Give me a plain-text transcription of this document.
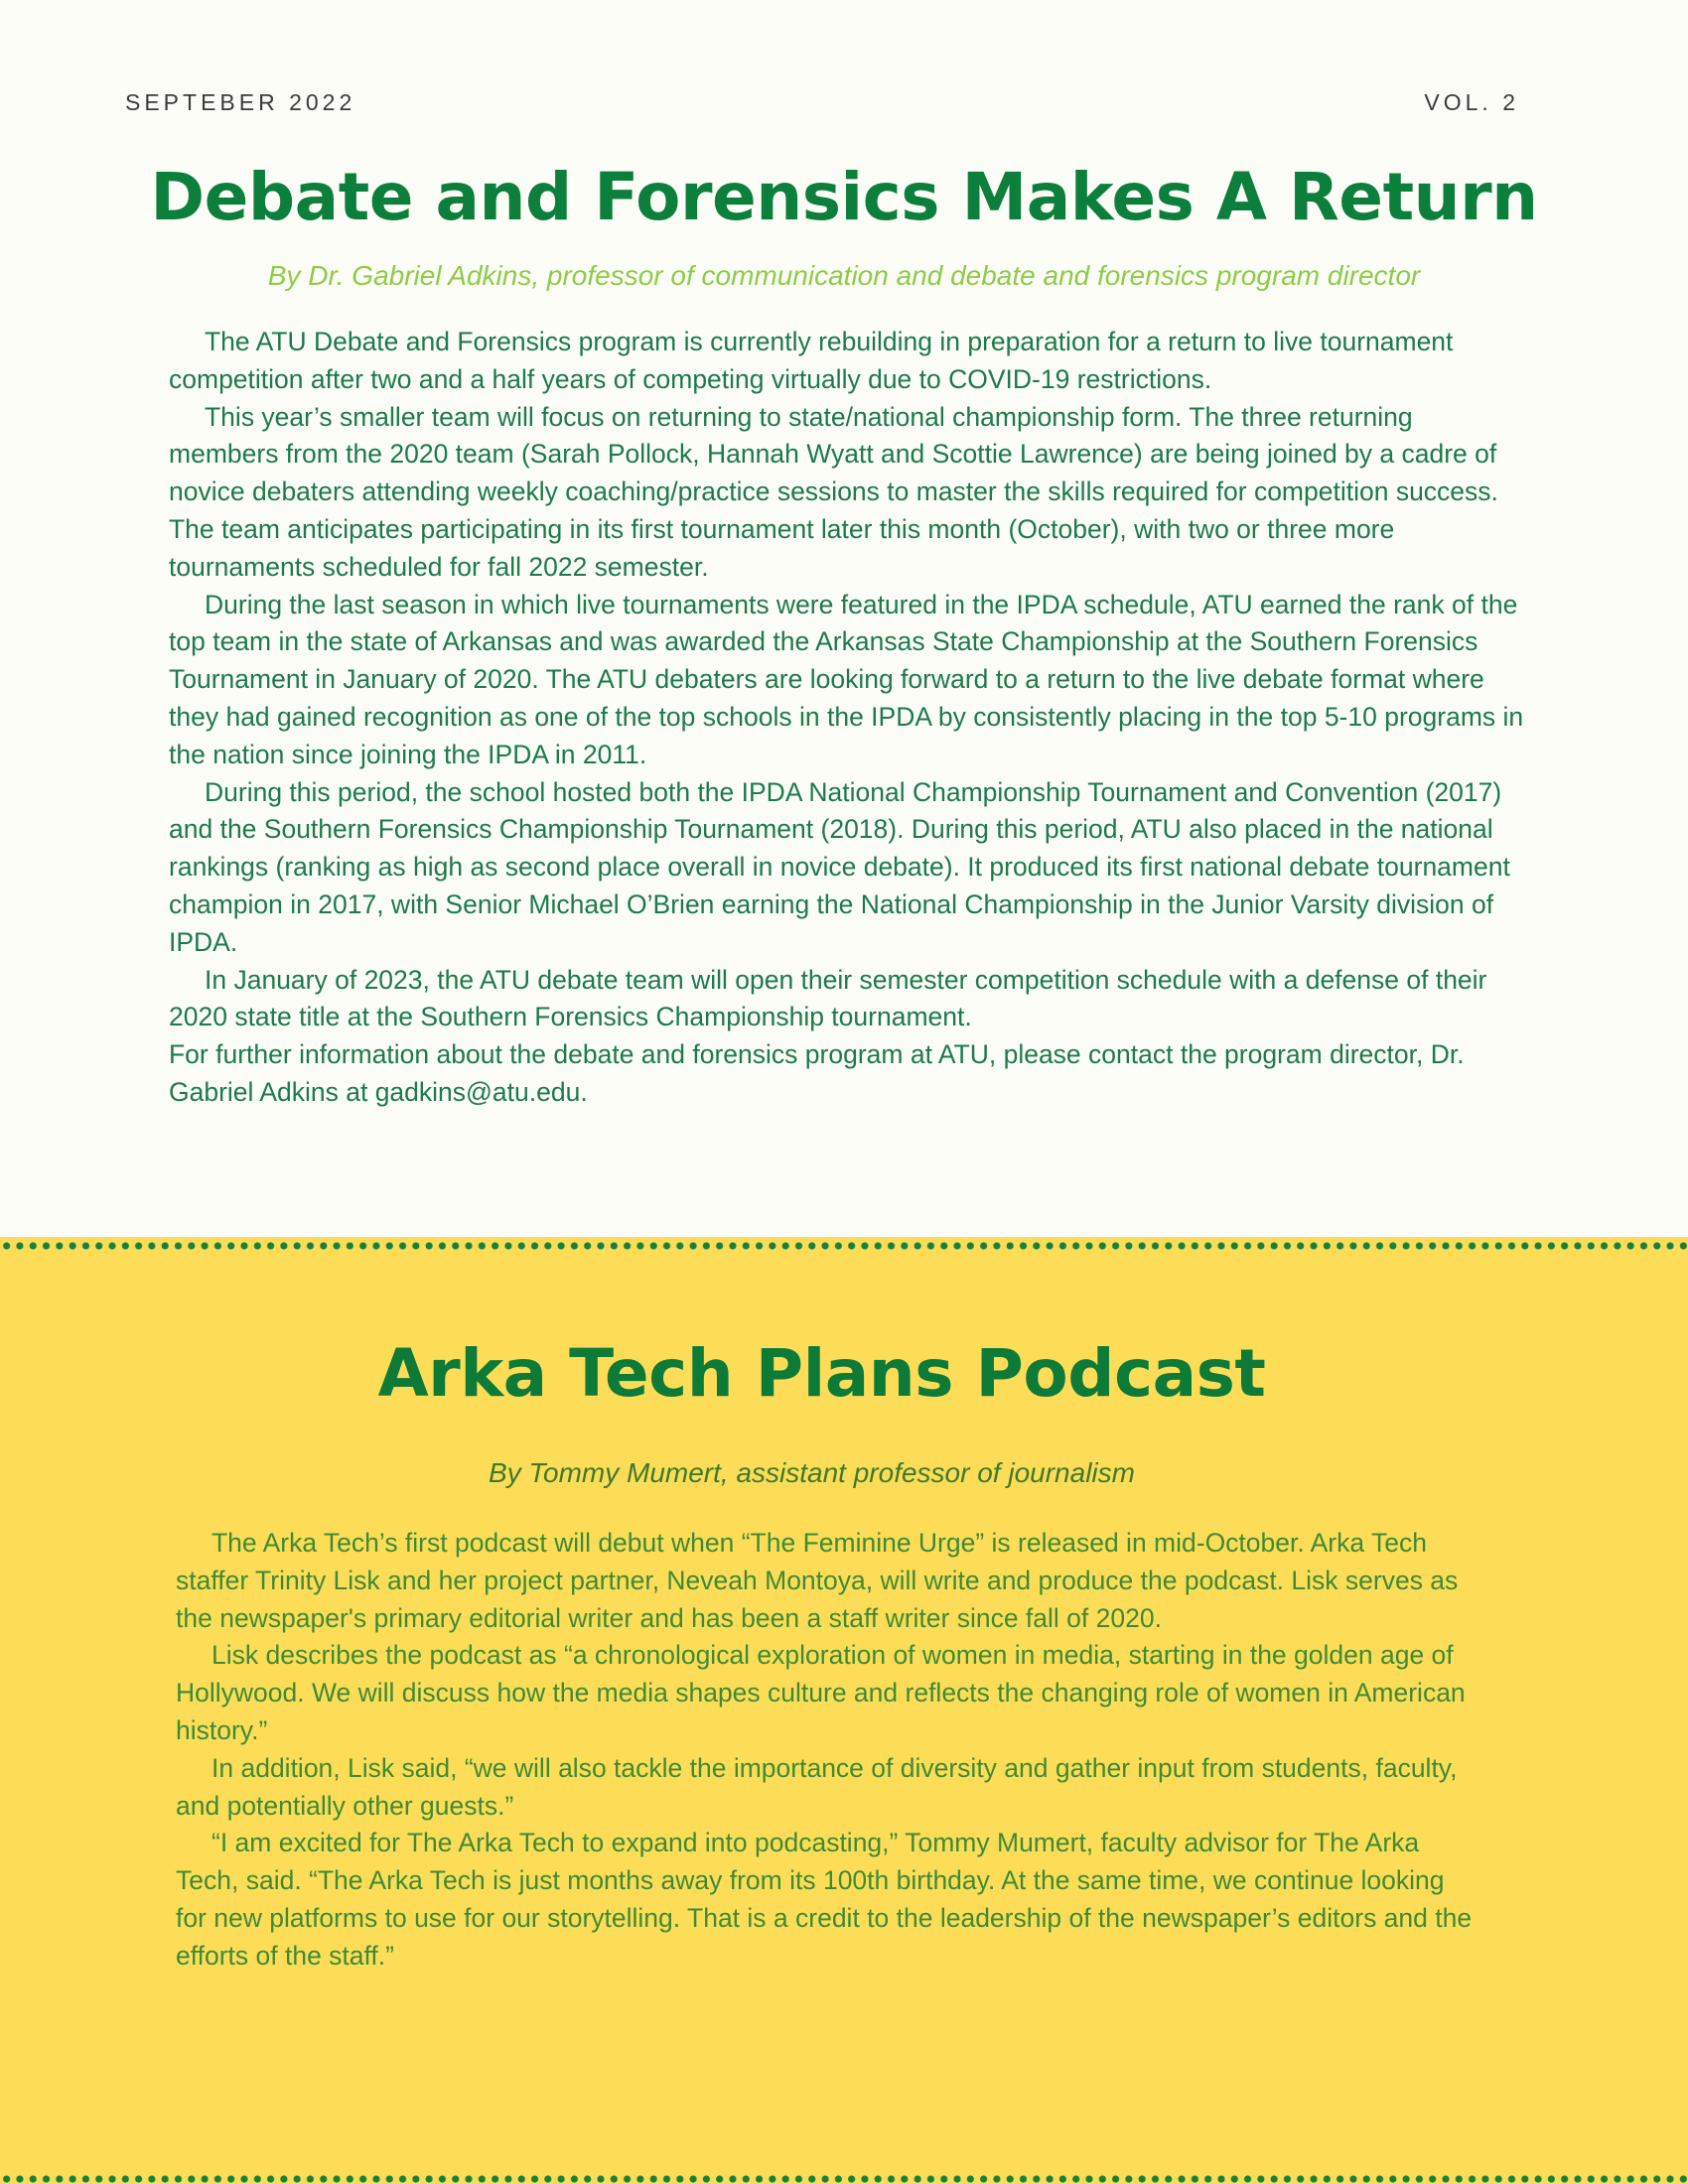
SEPTEBER 2022	VOL. 2
Debate and Forensics Makes A Return
By Dr. Gabriel Adkins, professor of communication and debate and forensics program director

The ATU Debate and Forensics program is currently rebuilding in preparation for a return to live tournament competition after two and a half years of competing virtually due to COVID-19 restrictions.

This year’s smaller team will focus on returning to state/national championship form. The three returning members from the 2020 team (Sarah Pollock, Hannah Wyatt and Scottie Lawrence) are being joined by a cadre of novice debaters attending weekly coaching/practice sessions to master the skills required for competition success. The team anticipates participating in its first tournament later this month (October), with two or three more tournaments scheduled for fall 2022 semester.

During the last season in which live tournaments were featured in the IPDA schedule, ATU earned the rank of the top team in the state of Arkansas and was awarded the Arkansas State Championship at the Southern Forensics Tournament in January of 2020. The ATU debaters are looking forward to a return to the live debate format where they had gained recognition as one of the top schools in the IPDA by consistently placing in the top 5-10 programs in the nation since joining the IPDA in 2011.

During this period, the school hosted both the IPDA National Championship Tournament and Convention (2017) and the Southern Forensics Championship Tournament (2018). During this period, ATU also placed in the national rankings (ranking as high as second place overall in novice debate). It produced its first national debate tournament champion in 2017, with Senior Michael O’Brien earning the National Championship in the Junior Varsity division of IPDA.

In January of 2023, the ATU debate team will open their semester competition schedule with a defense of their 2020 state title at the Southern Forensics Championship tournament.

For further information about the debate and forensics program at ATU, please contact the program director, Dr. Gabriel Adkins at gadkins@atu.edu.

Arka Tech Plans Podcast
By Tommy Mumert, assistant professor of journalism

The Arka Tech’s first podcast will debut when “The Feminine Urge” is released in mid-October. Arka Tech staffer Trinity Lisk and her project partner, Neveah Montoya, will write and produce the podcast. Lisk serves as the newspaper's primary editorial writer and has been a staff writer since fall of 2020.

Lisk describes the podcast as “a chronological exploration of women in media, starting in the golden age of Hollywood. We will discuss how the media shapes culture and reflects the changing role of women in American history.”

In addition, Lisk said, “we will also tackle the importance of diversity and gather input from students, faculty, and potentially other guests.”

“I am excited for The Arka Tech to expand into podcasting,” Tommy Mumert, faculty advisor for The Arka Tech, said. “The Arka Tech is just months away from its 100th birthday. At the same time, we continue looking for new platforms to use for our storytelling. That is a credit to the leadership of the newspaper’s editors and the efforts of the staff.”
